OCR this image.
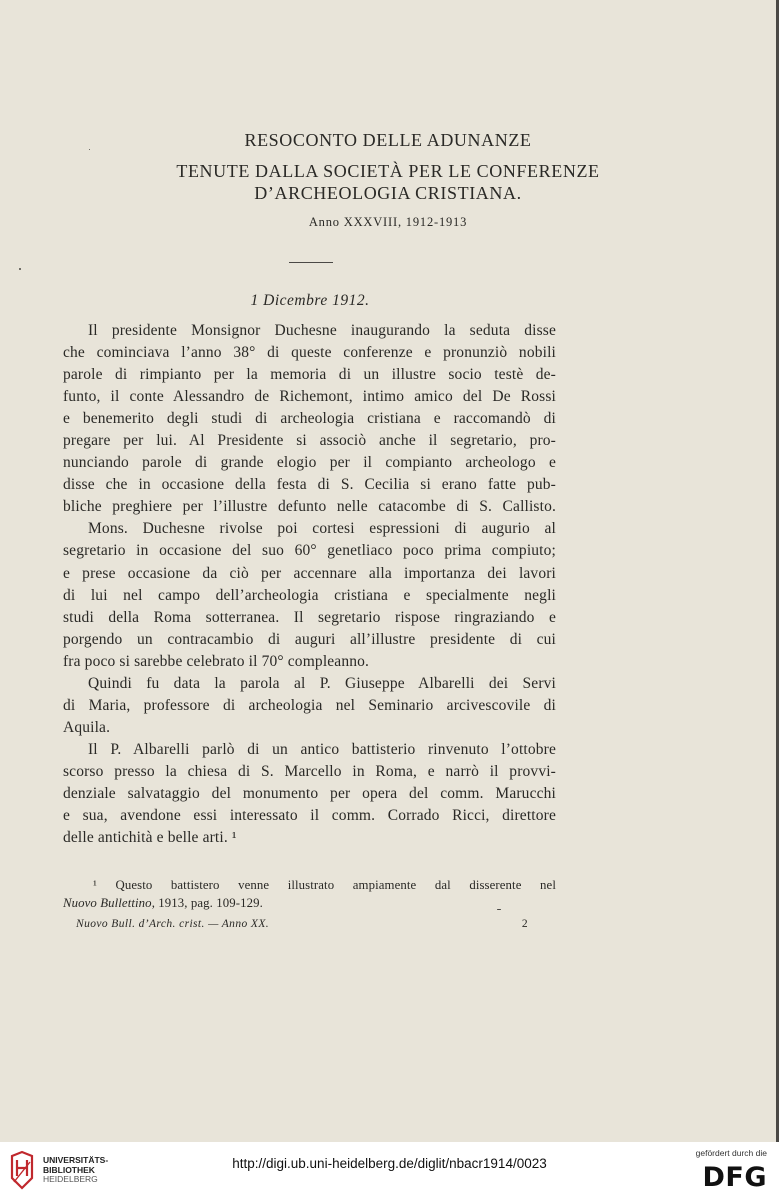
RESOCONTO DELLE ADUNANZE
TENUTE DALLA SOCIETÀ PER LE CONFERENZE
D’ARCHEOLOGIA CRISTIANA.
Anno XXXVIII, 1912-1913
1 Dicembre 1912.
Il presidente Monsignor Duchesne inaugurando la seduta disse
che cominciava l’anno 38° di queste conferenze e pronunziò nobili
parole di rimpianto per la memoria di un illustre socio testè de-
funto, il conte Alessandro de Richemont, intimo amico del De Rossi
e benemerito degli studi di archeologia cristiana e raccomandò di
pregare per lui. Al Presidente si associò anche il segretario, pro-
nunciando parole di grande elogio per il compianto archeologo e
disse che in occasione della festa di S. Cecilia si erano fatte pub-
bliche preghiere per l’illustre defunto nelle catacombe di S. Callisto.
Mons. Duchesne rivolse poi cortesi espressioni di augurio al
segretario in occasione del suo 60° genetliaco poco prima compiuto;
e prese occasione da ciò per accennare alla importanza dei lavori
di lui nel campo dell’archeologia cristiana e specialmente negli
studi della Roma sotterranea. Il segretario rispose ringraziando e
porgendo un contracambio di auguri all’illustre presidente di cui
fra poco si sarebbe celebrato il 70° compleanno.
Quindi fu data la parola al P. Giuseppe Albarelli dei Servi
di Maria, professore di archeologia nel Seminario arcivescovile di
Aquila.
Il P. Albarelli parlò di un antico battisterio rinvenuto l’ottobre
scorso presso la chiesa di S. Marcello in Roma, e narrò il provvi-
denziale salvataggio del monumento per opera del comm. Marucchi
e sua, avendone essi interessato il comm. Corrado Ricci, direttore
delle antichità e belle arti. ¹
¹ Questo battistero venne illustrato ampiamente dal disserente nel
Nuovo Bullettino, 1913, pag. 109-129.
Nuovo Bull. d’Arch. crist. — Anno XX.	2
UNIVERSITÄTS-
BIBLIOTHEK
HEIDELBERG
http://digi.ub.uni-heidelberg.de/diglit/nbacr1914/0023
gefördert durch die
DFG
